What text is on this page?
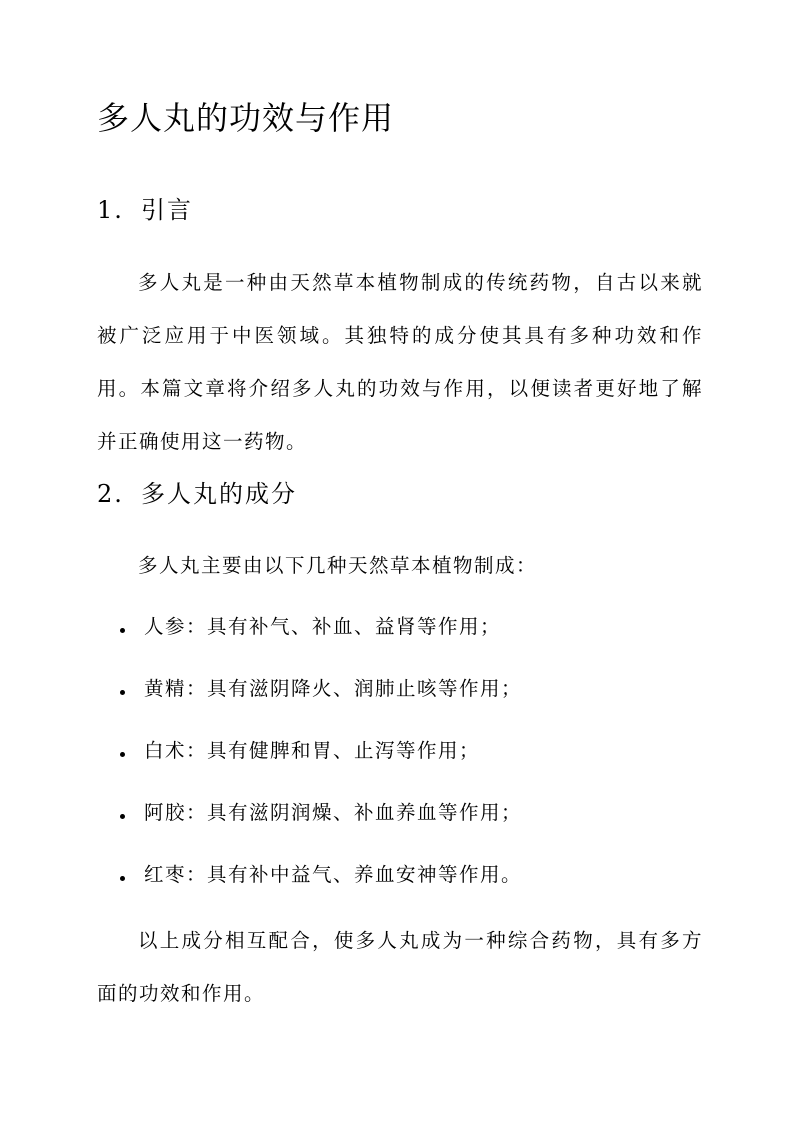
多人丸的功效与作用
1. 引言

多人丸是一种由天然草本植物制成的传统药物，自古以来就被广泛应用于中医领域。其独特的成分使其具有多种功效和作用。本篇文章将介绍多人丸的功效与作用，以便读者更好地了解并正确使用这一药物。

2. 多人丸的成分

多人丸主要由以下几种天然草本植物制成：

人参：具有补气、补血、益肾等作用；
黄精：具有滋阴降火、润肺止咳等作用；
白术：具有健脾和胃、止泻等作用；
阿胶：具有滋阴润燥、补血养血等作用；
红枣：具有补中益气、养血安神等作用。

以上成分相互配合，使多人丸成为一种综合药物，具有多方面的功效和作用。
